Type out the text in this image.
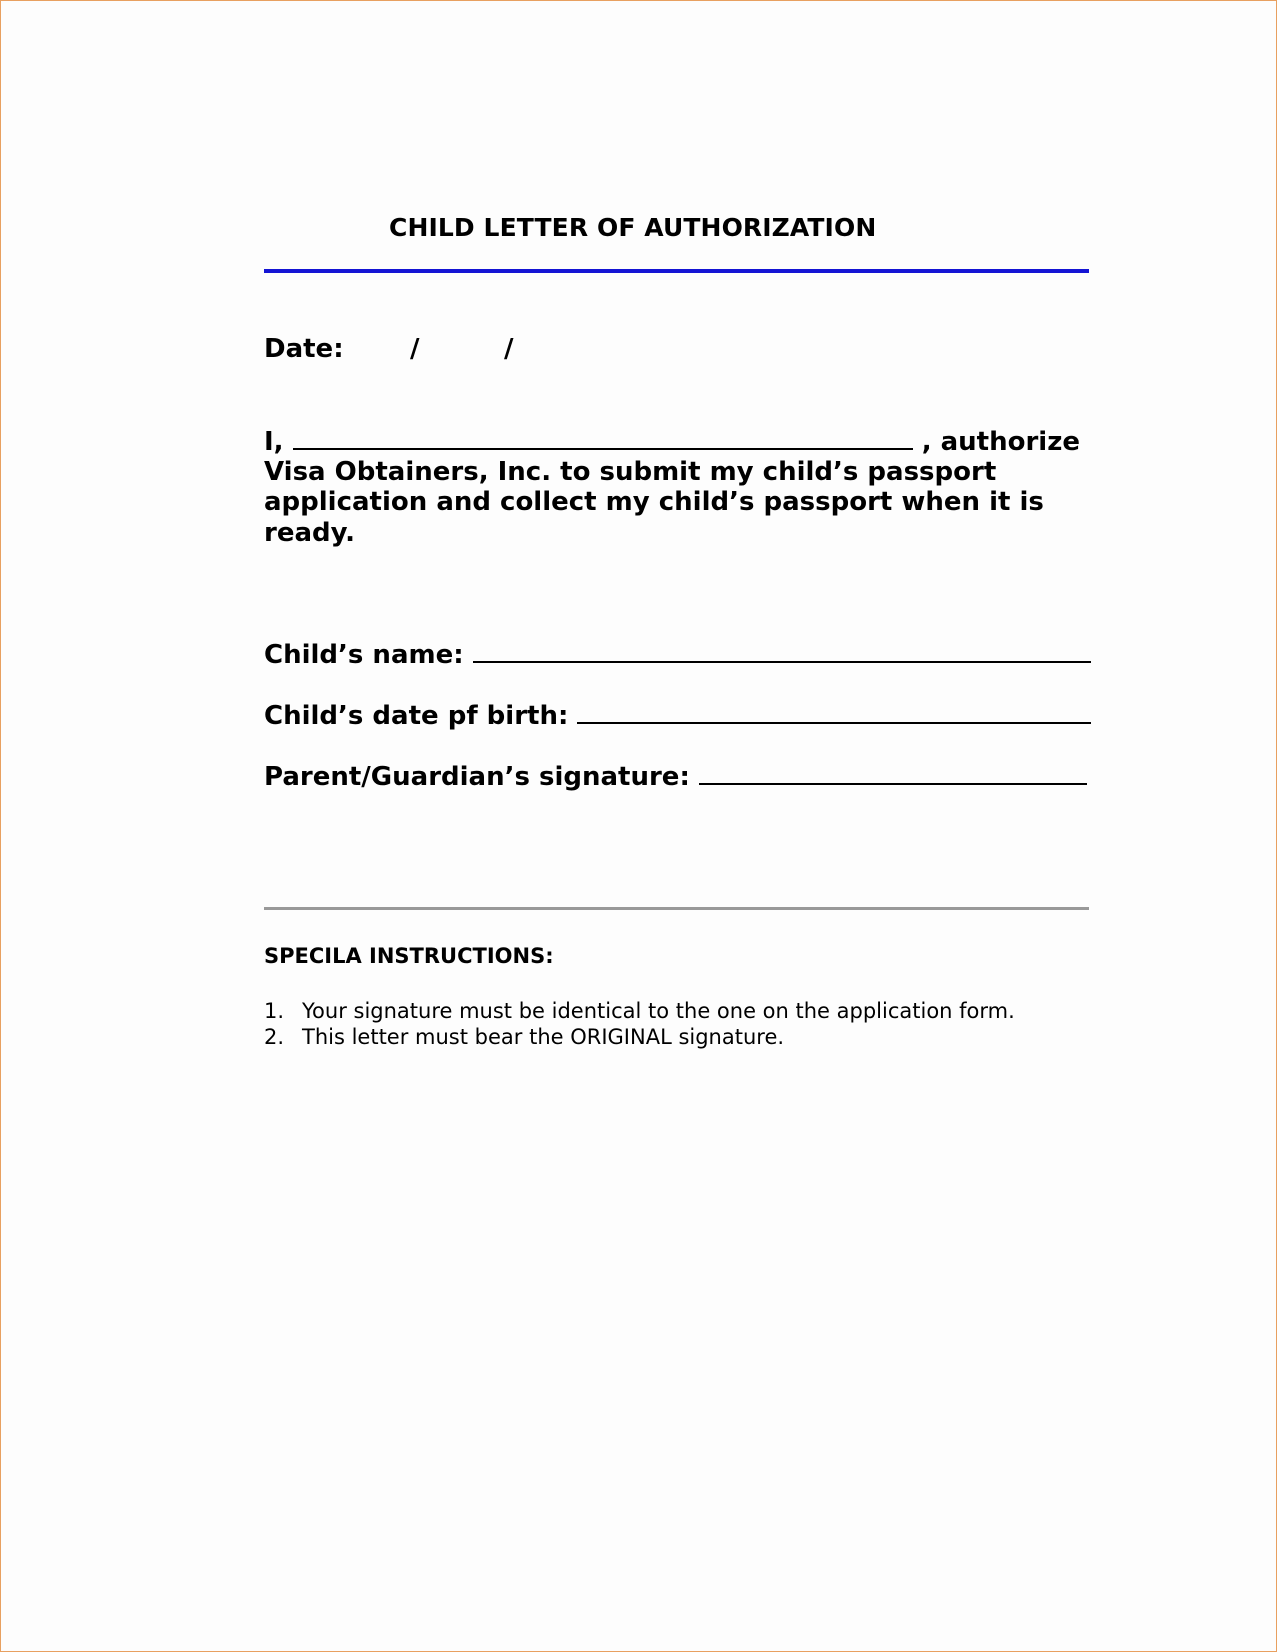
CHILD LETTER OF AUTHORIZATION
Date:	/	/
I,	, authorize
Visa Obtainers, Inc. to submit my child’s passport
application and collect my child’s passport when it is
ready.
Child’s name:
Child’s date pf birth:
Parent/Guardian’s signature:
SPECILA INSTRUCTIONS:
1. Your signature must be identical to the one on the application form.
2. This letter must bear the ORIGINAL signature.
